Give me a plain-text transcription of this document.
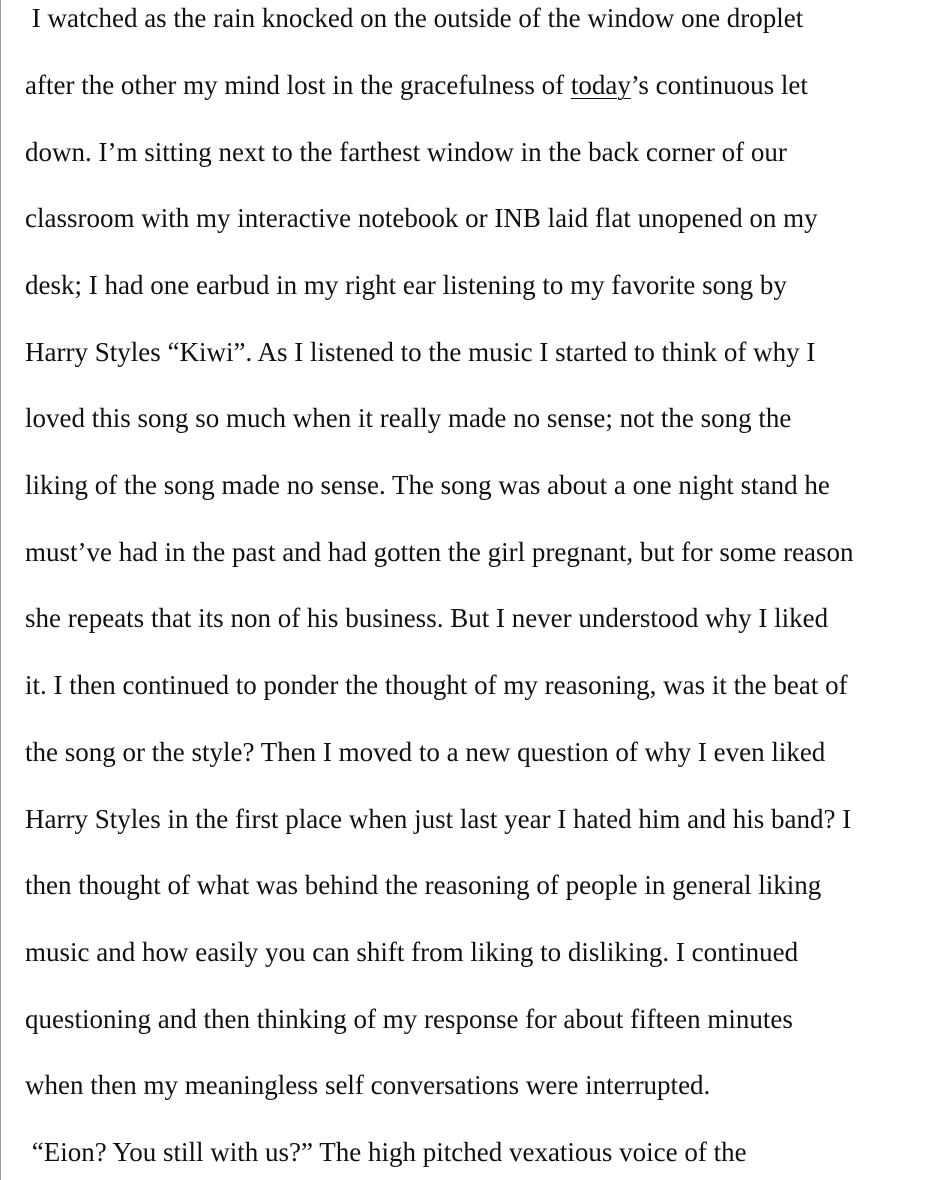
I watched as the rain knocked on the outside of the window one droplet
after the other my mind lost in the gracefulness of today’s continuous let
down. I’m sitting next to the farthest window in the back corner of our
classroom with my interactive notebook or INB laid flat unopened on my
desk; I had one earbud in my right ear listening to my favorite song by
Harry Styles “Kiwi”. As I listened to the music I started to think of why I
loved this song so much when it really made no sense; not the song the
liking of the song made no sense. The song was about a one night stand he
must’ve had in the past and had gotten the girl pregnant, but for some reason
she repeats that its non of his business. But I never understood why I liked
it. I then continued to ponder the thought of my reasoning, was it the beat of
the song or the style? Then I moved to a new question of why I even liked
Harry Styles in the first place when just last year I hated him and his band? I
then thought of what was behind the reasoning of people in general liking
music and how easily you can shift from liking to disliking. I continued
questioning and then thinking of my response for about fifteen minutes
when then my meaningless self conversations were interrupted.
“Eion? You still with us?” The high pitched vexatious voice of the
